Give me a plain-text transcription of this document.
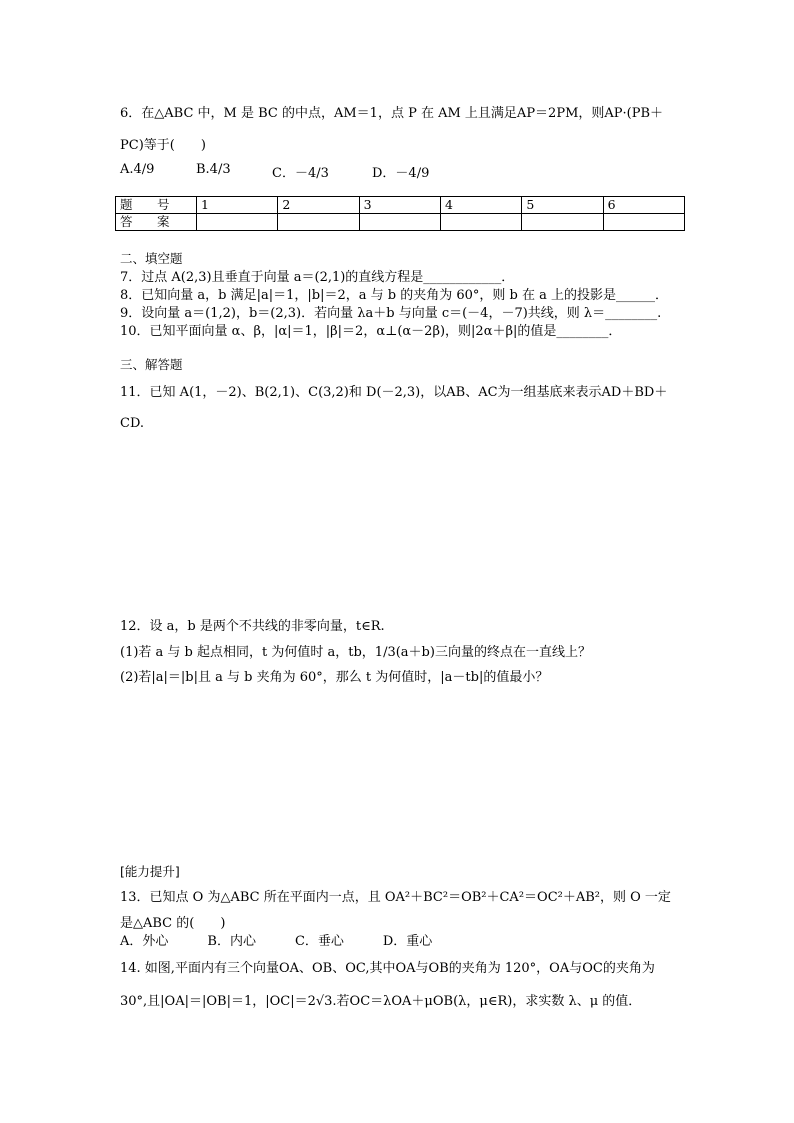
6．在△ABC 中，M 是 BC 的中点，AM＝1，点 P 在 AM 上且满足AP＝2PM，则AP·(PB＋
PC)等于(　　)
A.4/9	B.4/3	C．－4/3	D．－4/9
题　号	1	2	3	4	5	6
答　案						
二、填空题
7．过点 A(2,3)且垂直于向量 a＝(2,1)的直线方程是____________．
8．已知向量 a，b 满足|a|＝1，|b|＝2，a 与 b 的夹角为 60°，则 b 在 a 上的投影是______．
9．设向量 a＝(1,2)，b＝(2,3)．若向量 λa＋b 与向量 c＝(－4，－7)共线，则 λ＝________.
10．已知平面向量 α、β，|α|＝1，|β|＝2，α⊥(α－2β)，则|2α＋β|的值是________．
三、解答题
11．已知 A(1，－2)、B(2,1)、C(3,2)和 D(－2,3)，以AB、AC为一组基底来表示AD＋BD＋
CD.
12．设 a，b 是两个不共线的非零向量，t∈R.
(1)若 a 与 b 起点相同，t 为何值时 a，tb，1/3(a＋b)三向量的终点在一直线上？
(2)若|a|＝|b|且 a 与 b 夹角为 60°，那么 t 为何值时，|a－tb|的值最小？
[能力提升]
13．已知点 O 为△ABC 所在平面内一点，且 OA²＋BC²＝OB²＋CA²＝OC²＋AB²，则 O 一定
是△ABC 的(　　)
A．外心　　　B．内心　　　C．垂心　　　D．重心
14. 如图,平面内有三个向量OA、OB、OC,其中OA与OB的夹角为 120°，OA与OC的夹角为
30°,且|OA|＝|OB|＝1，|OC|＝2√3.若OC＝λOA＋μOB(λ，μ∈R)，求实数 λ、μ 的值．
